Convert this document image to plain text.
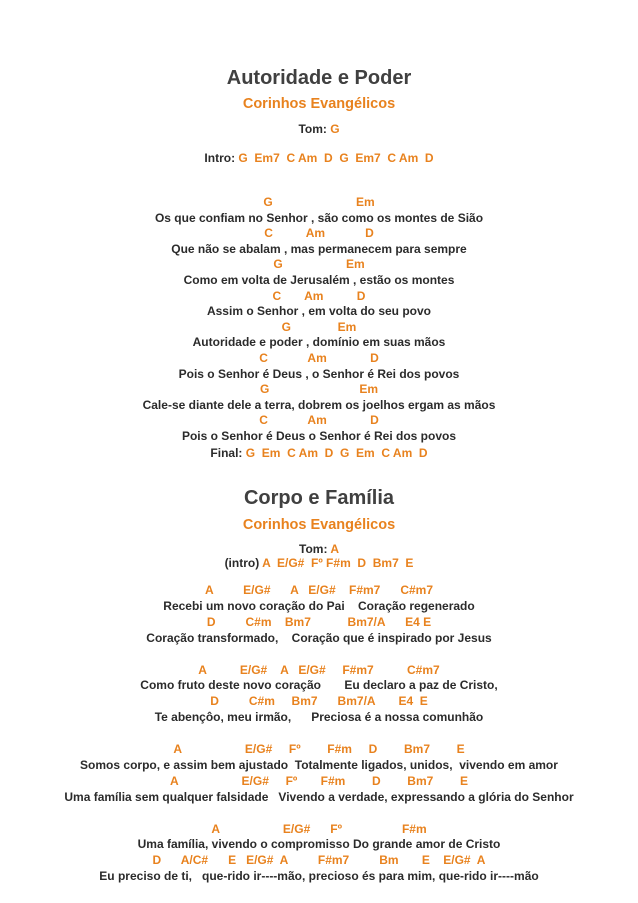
Autoridade e Poder
Corinhos Evangélicos
Tom: G
Intro: G  Em7  C Am  D  G  Em7  C Am  D
G                         Em
Os que confiam no Senhor , são como os montes de Sião
C          Am            D
Que não se abalam , mas permanecem para sempre
G                   Em
Como em volta de Jerusalém , estão os montes
C       Am          D
Assim o Senhor , em volta do seu povo
G              Em
Autoridade e poder , domínio em suas mãos
C            Am             D
Pois o Senhor é Deus , o Senhor é Rei dos povos
G                           Em
Cale-se diante dele a terra, dobrem os joelhos ergam as mãos
C            Am             D
Pois o Senhor é Deus o Senhor é Rei dos povos
Final: G  Em  C Am  D  G  Em  C Am  D
Corpo e Família
Corinhos Evangélicos
Tom: A
(intro) A  E/G#  Fº F#m  D  Bm7  E
A         E/G#      A   E/G#    F#m7      C#m7
Recebi um novo coração do Pai    Coração regenerado
D         C#m    Bm7           Bm7/A      E4 E
Coração transformado,    Coração que é inspirado por Jesus
A          E/G#    A   E/G#     F#m7          C#m7
Como fruto deste novo coração       Eu declaro a paz de Cristo,
D         C#m     Bm7      Bm7/A       E4  E
Te abençôo, meu irmão,      Preciosa é a nossa comunhão
A                   E/G#     Fº        F#m     D        Bm7        E
Somos corpo, e assim bem ajustado  Totalmente ligados, unidos,  vivendo em amor
A                   E/G#     Fº       F#m        D        Bm7        E
Uma família sem qualquer falsidade   Vivendo a verdade, expressando a glória do Senhor
A                   E/G#      Fº                  F#m
Uma família, vivendo o compromisso Do grande amor de Cristo
D      A/C#      E   E/G#  A         F#m7         Bm       E    E/G#  A
Eu preciso de ti,   que-rido ir----mão, precioso és para mim, que-rido ir----mão
